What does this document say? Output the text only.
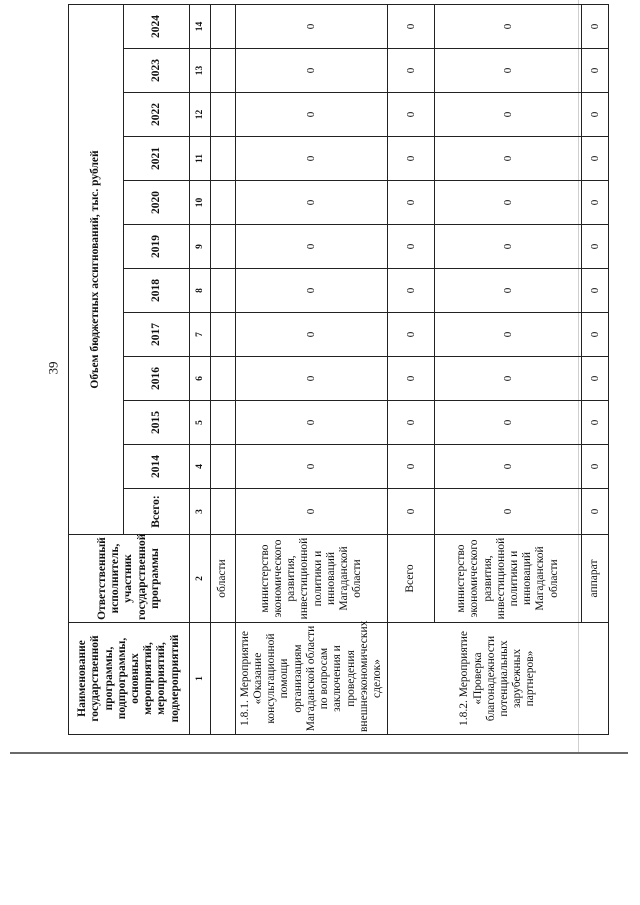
39
Наименование государственной программы, подпрограммы, основных мероприятий, мероприятий, подмероприятий	Ответственный исполнитель, участник государственной программы	Объем бюджетных ассигнований, тыс. рублей											
		Всего:	2014	2015	2016	2017	2018	2019	2020	2021	2022	2023	2024
1	2	3	4	5	6	7	8	9	10	11	12	13	14
	области												
1.8.1. Мероприятие «Оказание консультационной помощи организациям Магаданской области по вопросам заключения и проведения внешнеэкономических сделок»	министерство экономического развития, инвестиционной политики и инноваций Магаданской области	0	0	0	0	0	0	0	0	0	0	0	0
1.8.2. Мероприятие «Проверка благонадежности потенциальных зарубежных партнеров»	Всего	0	0	0	0	0	0	0	0	0	0	0	0
	министерство экономического развития, инвестиционной политики и инноваций Магаданской области	0	0	0	0	0	0	0	0	0	0	0	0
	аппарат	0	0	0	0	0	0	0	0	0	0	0	0
